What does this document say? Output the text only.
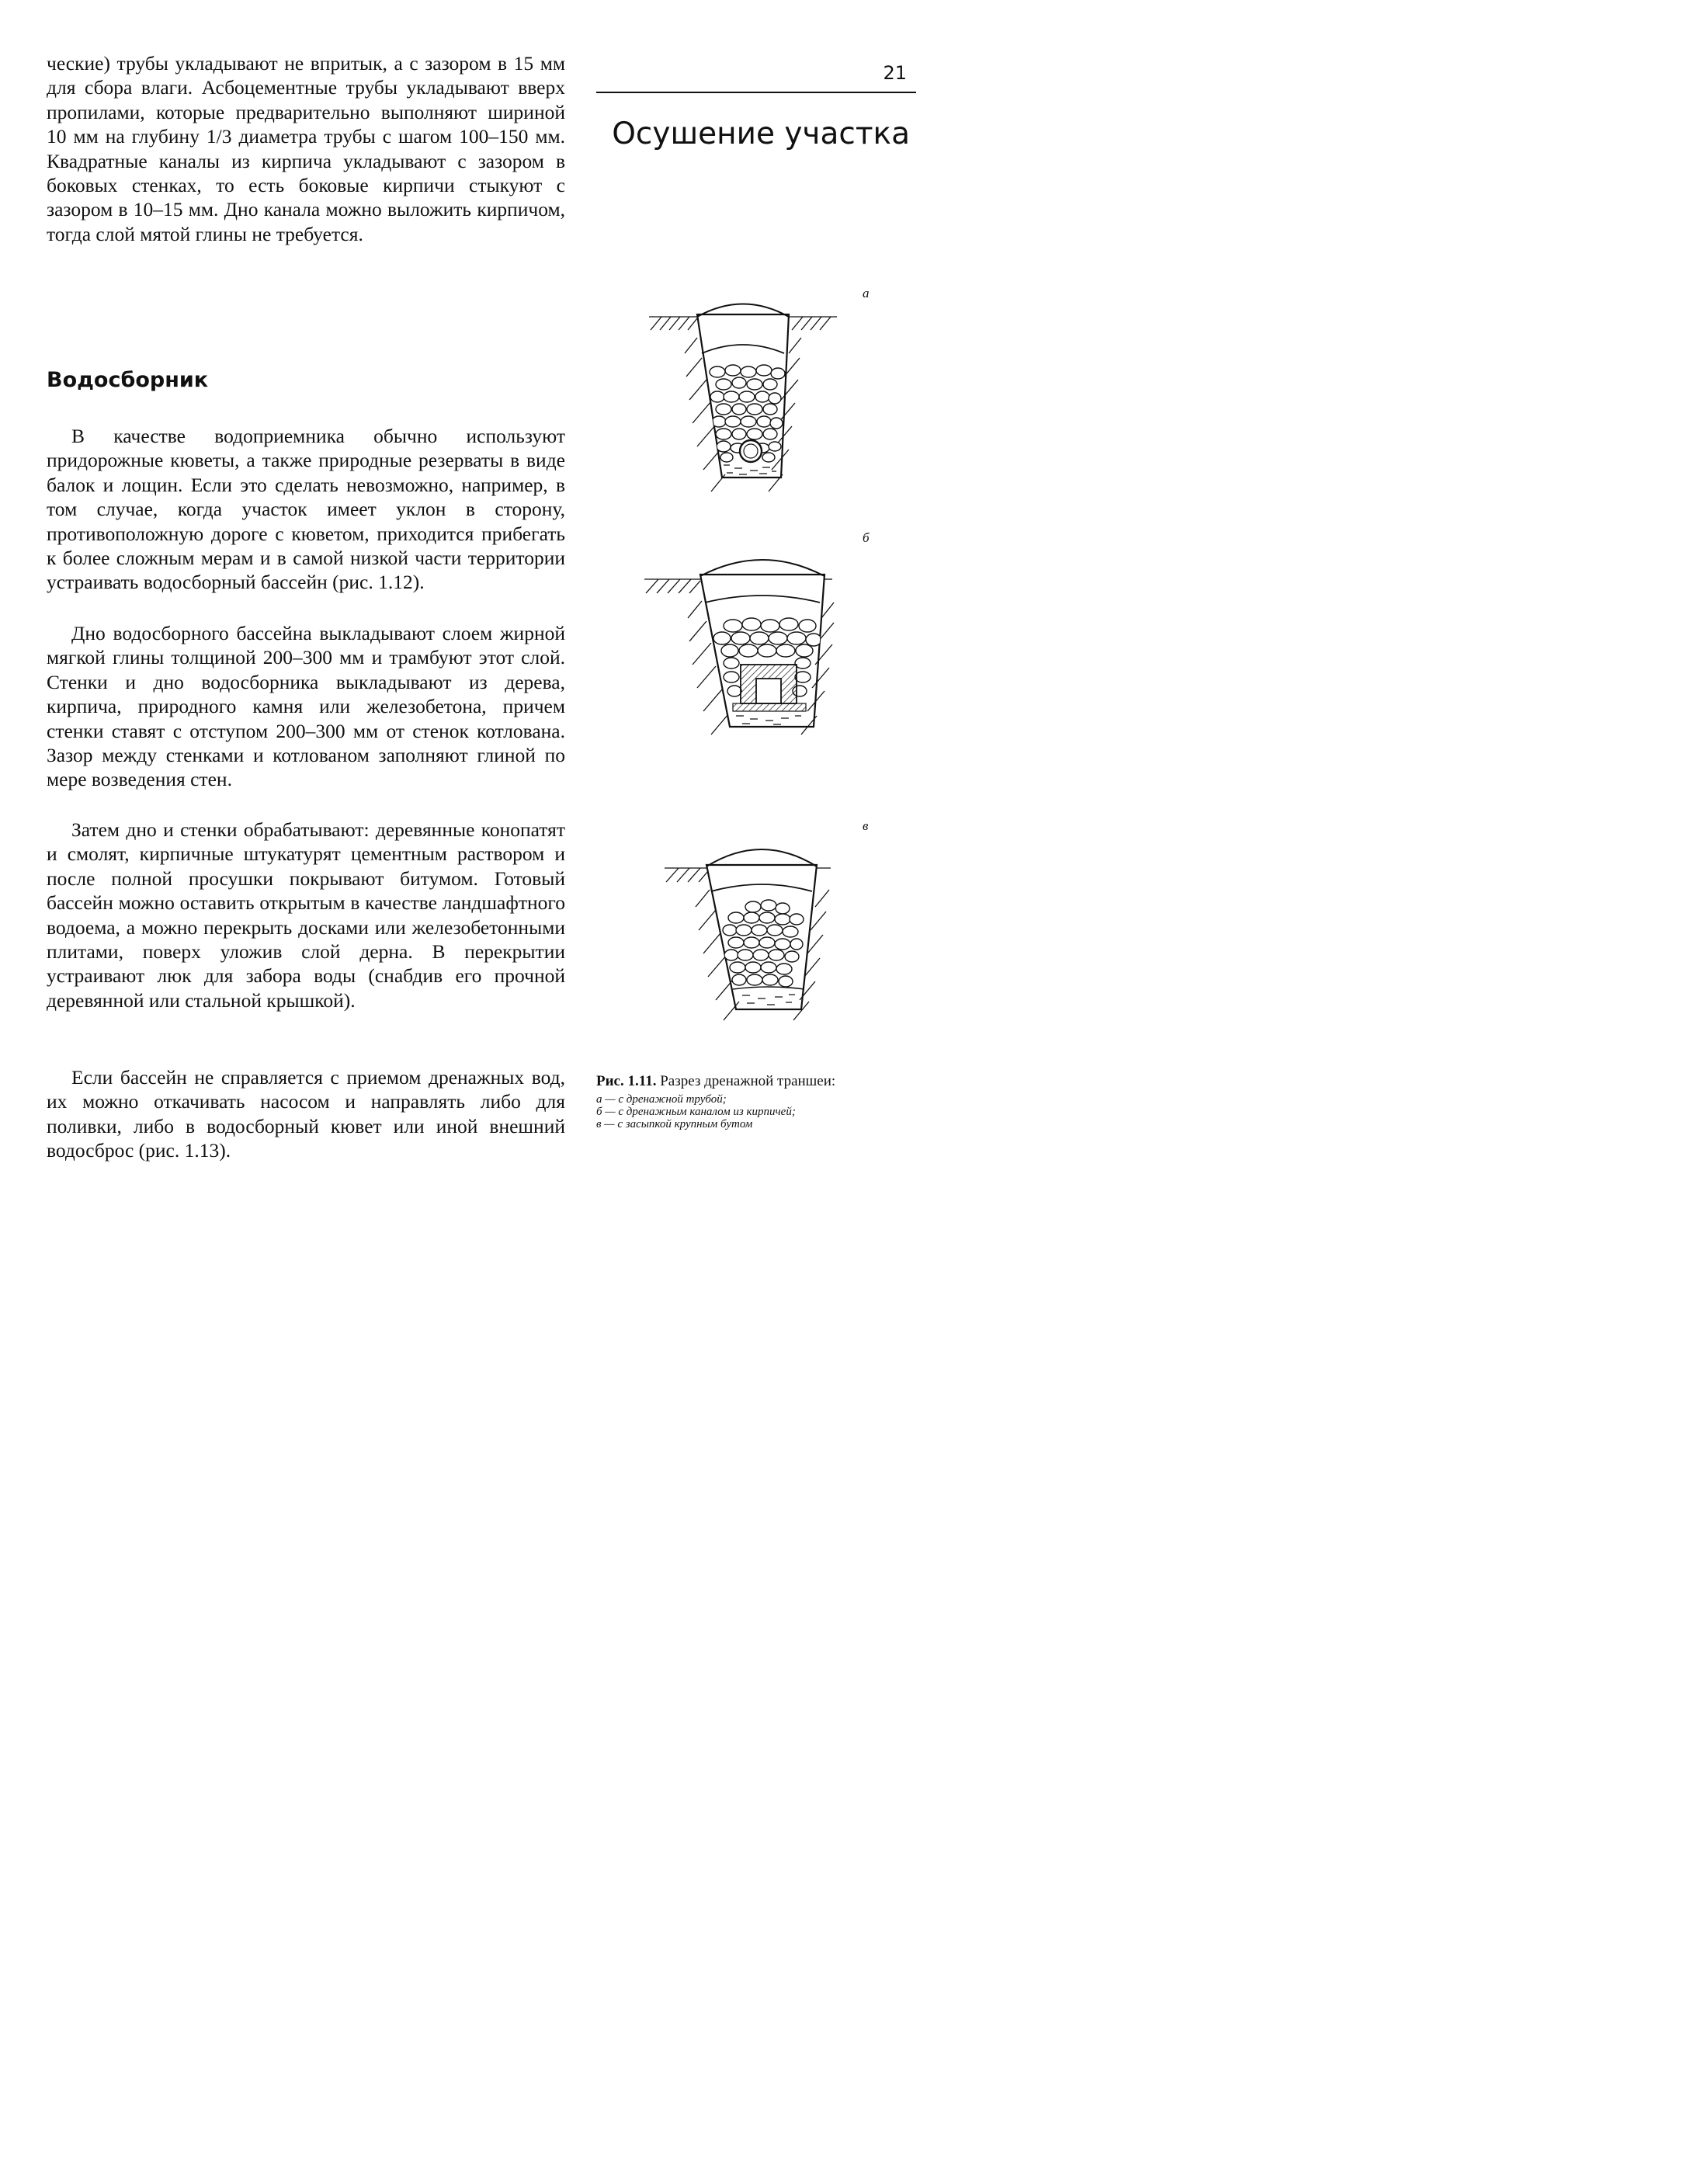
ческие) трубы укладывают не впритык, а с зазором в 15 мм для сбора влаги. Асбоцементные трубы укладывают вверх пропилами, которые предварительно выполняют шириной 10 мм на глубину 1/3 диаметра трубы с шагом 100–150 мм. Квадратные каналы из кирпича укладывают с зазором в боковых стенках, то есть боковые кирпичи стыкуют с зазором в 10–15 мм. Дно канала можно выложить кирпичом, тогда слой мятой глины не требуется.

Водосборник

В качестве водоприемника обычно используют придорожные кюветы, а также природные резерваты в виде балок и лощин. Если это сделать невозможно, например, в том случае, когда участок имеет уклон в сторону, противоположную дороге с кюветом, приходится прибегать к более сложным мерам и в самой низкой части территории устраивать водосборный бассейн (рис. 1.12).

Дно водосборного бассейна выкладывают слоем жирной мягкой глины толщиной 200–300 мм и трамбуют этот слой. Стенки и дно водосборника выкладывают из дерева, кирпича, природного камня или железобетона, причем стенки ставят с отступом 200–300 мм от стенок котлована. Зазор между стенками и котлованом заполняют глиной по мере возведения стен.

Затем дно и стенки обрабатывают: деревянные конопатят и смолят, кирпичные штукатурят цементным раствором и после полной просушки покрывают битумом. Готовый бассейн можно оставить открытым в качестве ландшафтного водоема, а можно перекрыть досками или железобетонными плитами, поверх уложив слой дерна. В перекрытии устраивают люк для забора воды (снабдив его прочной деревянной или стальной крышкой).

Если бассейн не справляется с приемом дренажных вод, их можно откачивать насосом и направлять либо для поливки, либо в водосборный кювет или иной внешний водосброс (рис. 1.13).

21
Осушение участка
а
б
в
Рис. 1.11. Разрез дренажной траншеи:
а — с дренажной трубой;
б — с дренажным каналом из кирпичей;
в — с засыпкой крупным бутом
